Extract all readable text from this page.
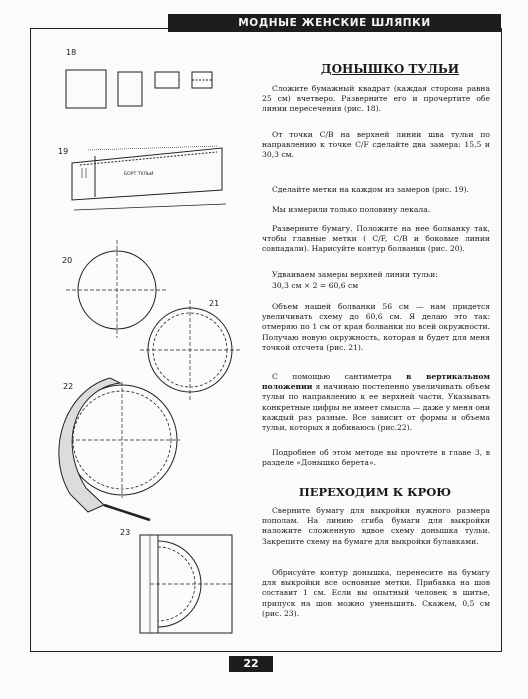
МОДНЫЕ ЖЕНСКИЕ ШЛЯПКИ
БОРТ ТУЛЬИ
18
19
20
21
22
23
ДОНЫШКО ТУЛЬИ
Сложите бумажный квадрат (каждая сторона равна 25 см) вчетверо. Разверните его и прочертите обе линии пересечения (рис. 18).
От точки С/В на верхней линии шва тульи по направлению к точке С/F сделайте два замера: 15,5 и 30,3 см.
Сделайте метки на каждом из замеров (рис. 19).
Мы измерили только половину лекала.
Разверните бумагу. Положите на нее болванку так, чтобы главные метки ( С/F, С/В и боковые линии совпадали). Нарисуйте контур болванки (рис. 20).
Удваиваем замеры верхней линии тульи:
30,3 см × 2 = 60,6 см
Объем нашей болванки 56 см — нам придется увеличивать схему до 60,6 см. Я делаю это так: отмеряю по 1 см от края болванки по всей окружности. Получаю новую окружность, которая и будет для меня точкой отсчета (рис. 21).
С помощью сантиметра в вертикальном положении я начинаю постепенно увеличивать объем тульи по направлению к ее верхней части. Указывать конкретные цифры не имеет смысла — даже у меня они каждый раз разные. Все зависит от формы и объема тульи, которых я добиваюсь (рис.22).
Подробнее об этом методе вы прочтете в главе 3, в разделе «Донышко берета».
ПЕРЕХОДИМ К КРОЮ
Сверните бумагу для выкройки нужного размера пополам. На линию сгиба бумаги для выкройки наложите сложенную вдвое схему донышка тульи. Закрепите схему на бумаге для выкройки булавками.
Обрисуйте контур донышка, перенесите на бумагу для выкройки все основные метки. Прибавка на шов составит 1 см. Если вы опытный человек в шитье, припуск на шов можно уменьшить. Скажем, 0,5 см (рис. 23).
22
